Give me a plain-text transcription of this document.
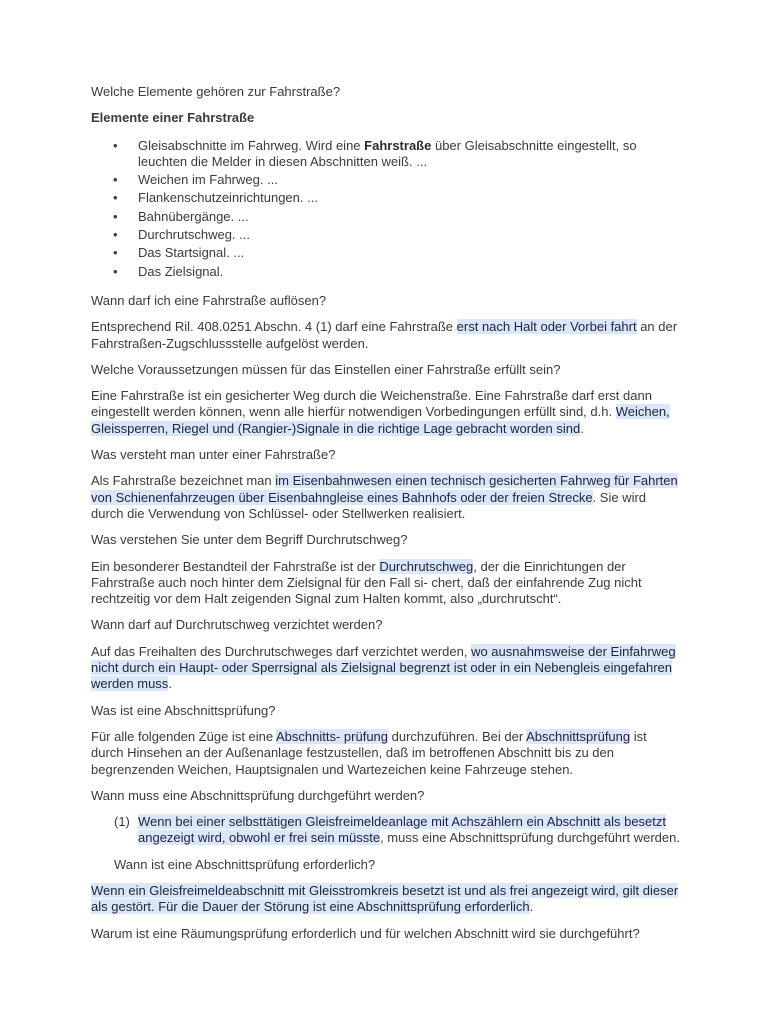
Welche Elemente gehören zur Fahrstraße?

Elemente einer Fahrstraße

• Gleisabschnitte im Fahrweg. Wird eine Fahrstraße über Gleisabschnitte eingestellt, so leuchten die Melder in diesen Abschnitten weiß. ...
• Weichen im Fahrweg. ...
• Flankenschutzeinrichtungen. ...
• Bahnübergänge. ...
• Durchrutschweg. ...
• Das Startsignal. ...
• Das Zielsignal.

Wann darf ich eine Fahrstraße auflösen?

Entsprechend Ril. 408.0251 Abschn. 4 (1) darf eine Fahrstraße erst nach Halt oder Vorbei fahrt an der Fahrstraßen-Zugschlussstelle aufgelöst werden.

Welche Voraussetzungen müssen für das Einstellen einer Fahrstraße erfüllt sein?

Eine Fahrstraße ist ein gesicherter Weg durch die Weichenstraße. Eine Fahrstraße darf erst dann eingestellt werden können, wenn alle hierfür notwendigen Vorbedingungen erfüllt sind, d.h. Weichen, Gleissperren, Riegel und (Rangier-)Signale in die richtige Lage gebracht worden sind.

Was versteht man unter einer Fahrstraße?

Als Fahrstraße bezeichnet man im Eisenbahnwesen einen technisch gesicherten Fahrweg für Fahrten von Schienenfahrzeugen über Eisenbahngleise eines Bahnhofs oder der freien Strecke. Sie wird durch die Verwendung von Schlüssel- oder Stellwerken realisiert.

Was verstehen Sie unter dem Begriff Durchrutschweg?

Ein besonderer Bestandteil der Fahrstraße ist der Durchrutschweg, der die Einrichtungen der Fahrstraße auch noch hinter dem Zielsignal für den Fall si- chert, daß der einfahrende Zug nicht rechtzeitig vor dem Halt zeigenden Signal zum Halten kommt, also „durchrutscht“.

Wann darf auf Durchrutschweg verzichtet werden?

Auf das Freihalten des Durchrutschweges darf verzichtet werden, wo ausnahmsweise der Einfahrweg nicht durch ein Haupt- oder Sperrsignal als Zielsignal begrenzt ist oder in ein Nebengleis eingefahren werden muss.

Was ist eine Abschnittsprüfung?

Für alle folgenden Züge ist eine Abschnitts- prüfung durchzuführen. Bei der Abschnittsprüfung ist durch Hinsehen an der Außenanlage festzustellen, daß im betroffenen Abschnitt bis zu den begrenzenden Weichen, Hauptsignalen und Wartezeichen keine Fahrzeuge stehen.

Wann muss eine Abschnittsprüfung durchgeführt werden?

(1) Wenn bei einer selbsttätigen Gleisfreimeldeanlage mit Achszählern ein Abschnitt als besetzt angezeigt wird, obwohl er frei sein müsste, muss eine Abschnittsprüfung durchgeführt werden.

Wann ist eine Abschnittsprüfung erforderlich?

Wenn ein Gleisfreimeldeabschnitt mit Gleisstromkreis besetzt ist und als frei angezeigt wird, gilt dieser als gestört. Für die Dauer der Störung ist eine Abschnittsprüfung erforderlich.

Warum ist eine Räumungsprüfung erforderlich und für welchen Abschnitt wird sie durchgeführt?
